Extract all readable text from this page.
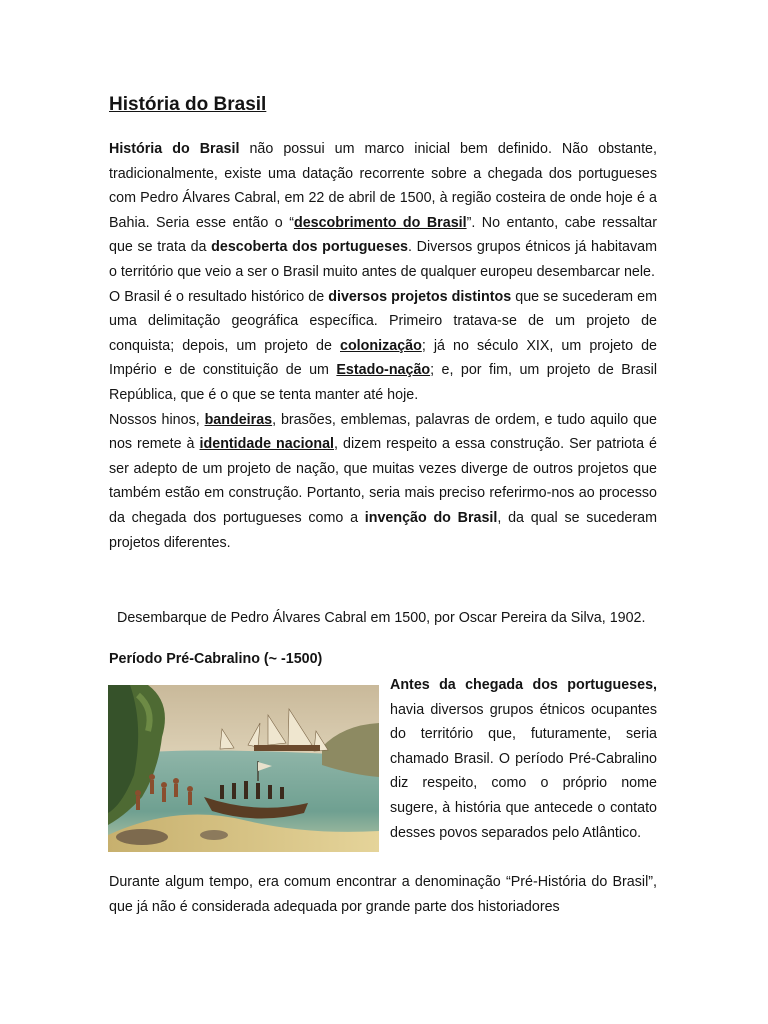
História do Brasil

História do Brasil não possui um marco inicial bem definido. Não obstante, tradicionalmente, existe uma datação recorrente sobre a chegada dos portugueses com Pedro Álvares Cabral, em 22 de abril de 1500, à região costeira de onde hoje é a Bahia. Seria esse então o “descobrimento do Brasil”. No entanto, cabe ressaltar que se trata da descoberta dos portugueses. Diversos grupos étnicos já habitavam o território que veio a ser o Brasil muito antes de qualquer europeu desembarcar nele.

O Brasil é o resultado histórico de diversos projetos distintos que se sucederam em uma delimitação geográfica específica. Primeiro tratava-se de um projeto de conquista; depois, um projeto de colonização; já no século XIX, um projeto de Império e de constituição de um Estado-nação; e, por fim, um projeto de Brasil República, que é o que se tenta manter até hoje.

Nossos hinos, bandeiras, brasões, emblemas, palavras de ordem, e tudo aquilo que nos remete à identidade nacional, dizem respeito a essa construção. Ser patriota é ser adepto de um projeto de nação, que muitas vezes diverge de outros projetos que também estão em construção. Portanto, seria mais preciso referirmo-nos ao processo da chegada dos portugueses como a invenção do Brasil, da qual se sucederam projetos diferentes.

Desembarque de Pedro Álvares Cabral em 1500, por Oscar Pereira da Silva, 1902.
Período Pré-Cabralino (~ -1500)
Antes da chegada dos portugueses, havia diversos grupos étnicos ocupantes do território que, futuramente, seria chamado Brasil. O período Pré-Cabralino diz respeito, como o próprio nome sugere, à história que antecede o contato desses povos separados pelo Atlântico.
Durante algum tempo, era comum encontrar a denominação “Pré-História do Brasil”, que já não é considerada adequada por grande parte dos historiadores
